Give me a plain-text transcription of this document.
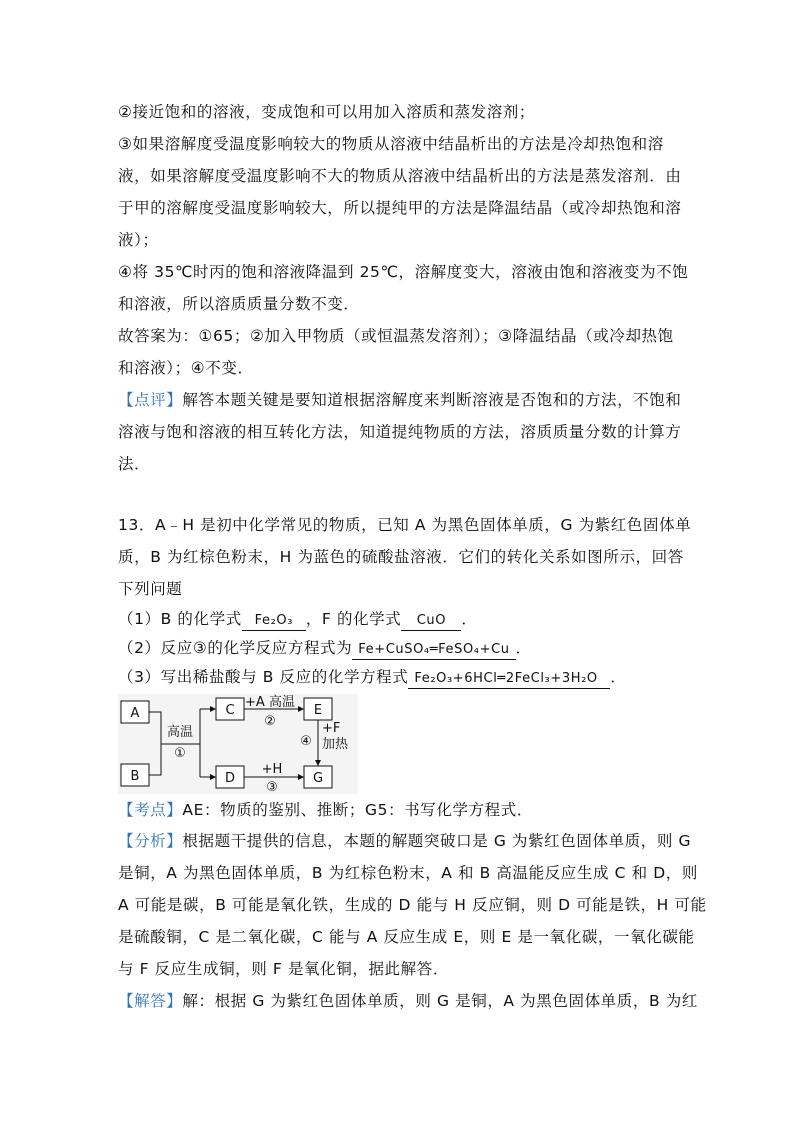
②接近饱和的溶液，变成饱和可以用加入溶质和蒸发溶剂；
③如果溶解度受温度影响较大的物质从溶液中结晶析出的方法是冷却热饱和溶
液，如果溶解度受温度影响不大的物质从溶液中结晶析出的方法是蒸发溶剂．由
于甲的溶解度受温度影响较大，所以提纯甲的方法是降温结晶（或冷却热饱和溶
液）；
④将 35℃时丙的饱和溶液降温到 25℃，溶解度变大，溶液由饱和溶液变为不饱
和溶液，所以溶质质量分数不变．
故答案为：①65；②加入甲物质（或恒温蒸发溶剂）；③降温结晶（或冷却热饱
和溶液）；④不变．
【点评】解答本题关键是要知道根据溶解度来判断溶液是否饱和的方法，不饱和
溶液与饱和溶液的相互转化方法，知道提纯物质的方法，溶质质量分数的计算方
法．
13．A﹣H 是初中化学常见的物质，已知 A 为黑色固体单质，G 为紫红色固体单
质，B 为红棕色粉末，H 为蓝色的硫酸盐溶液．它们的转化关系如图所示，回答
下列问题
（1）B 的化学式 Fe₂O₃ ，F 的化学式 CuO ．
（2）反应③的化学反应方程式为 Fe+CuSO₄═FeSO₄+Cu ．
（3）写出稀盐酸与 B 反应的化学方程式 Fe₂O₃+6HCl═2FeCl₃+3H₂O ．
A
B
C
D
E
G
高温
①
+A 高温
②
+H
③
+F
加热
④
【考点】AE：物质的鉴别、推断；G5：书写化学方程式．
【分析】根据题干提供的信息，本题的解题突破口是 G 为紫红色固体单质，则 G
是铜，A 为黑色固体单质，B 为红棕色粉末，A 和 B 高温能反应生成 C 和 D，则
A 可能是碳，B 可能是氧化铁，生成的 D 能与 H 反应铜，则 D 可能是铁，H 可能
是硫酸铜，C 是二氧化碳，C 能与 A 反应生成 E，则 E 是一氧化碳，一氧化碳能
与 F 反应生成铜，则 F 是氧化铜，据此解答．
【解答】解：根据 G 为紫红色固体单质，则 G 是铜，A 为黑色固体单质，B 为红
